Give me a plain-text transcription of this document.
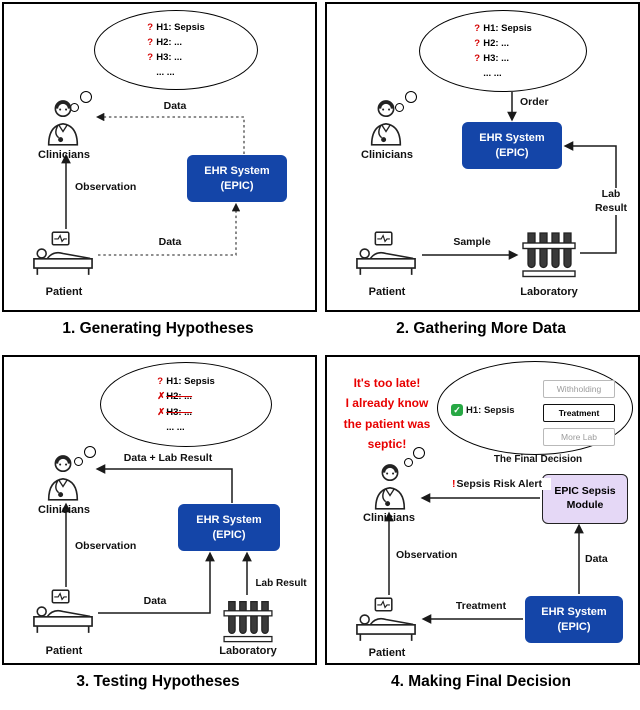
? H1: Sepsis
? H2: ...
? H3: ...
... ...
Clinicians
Patient
EHR System
(EPIC)
Data
Observation
Data
1. Generating Hypotheses
? H1: Sepsis
? H2: ...
? H3: ...
... ...
Clinicians
EHR System
(EPIC)
Patient	Laboratory
Order
Lab
Result
Sample
2. Gathering More Data
? H1: Sepsis
✗H2: ...
✗H3: ...
... ...
Clinicians
EHR System
(EPIC)
Patient	Laboratory
Data + Lab Result
Observation
Lab Result
Data
3. Testing Hypotheses
It's too late!
I already know
the patient was
septic!
✓ H1: Sepsis
Withholding
Treatment
More Lab
The Final Decision
Clinicians
EPIC Sepsis
Module
EHR System
(EPIC)
Patient
!Sepsis Risk Alert
Observation	Data
Treatment
4. Making Final Decision
